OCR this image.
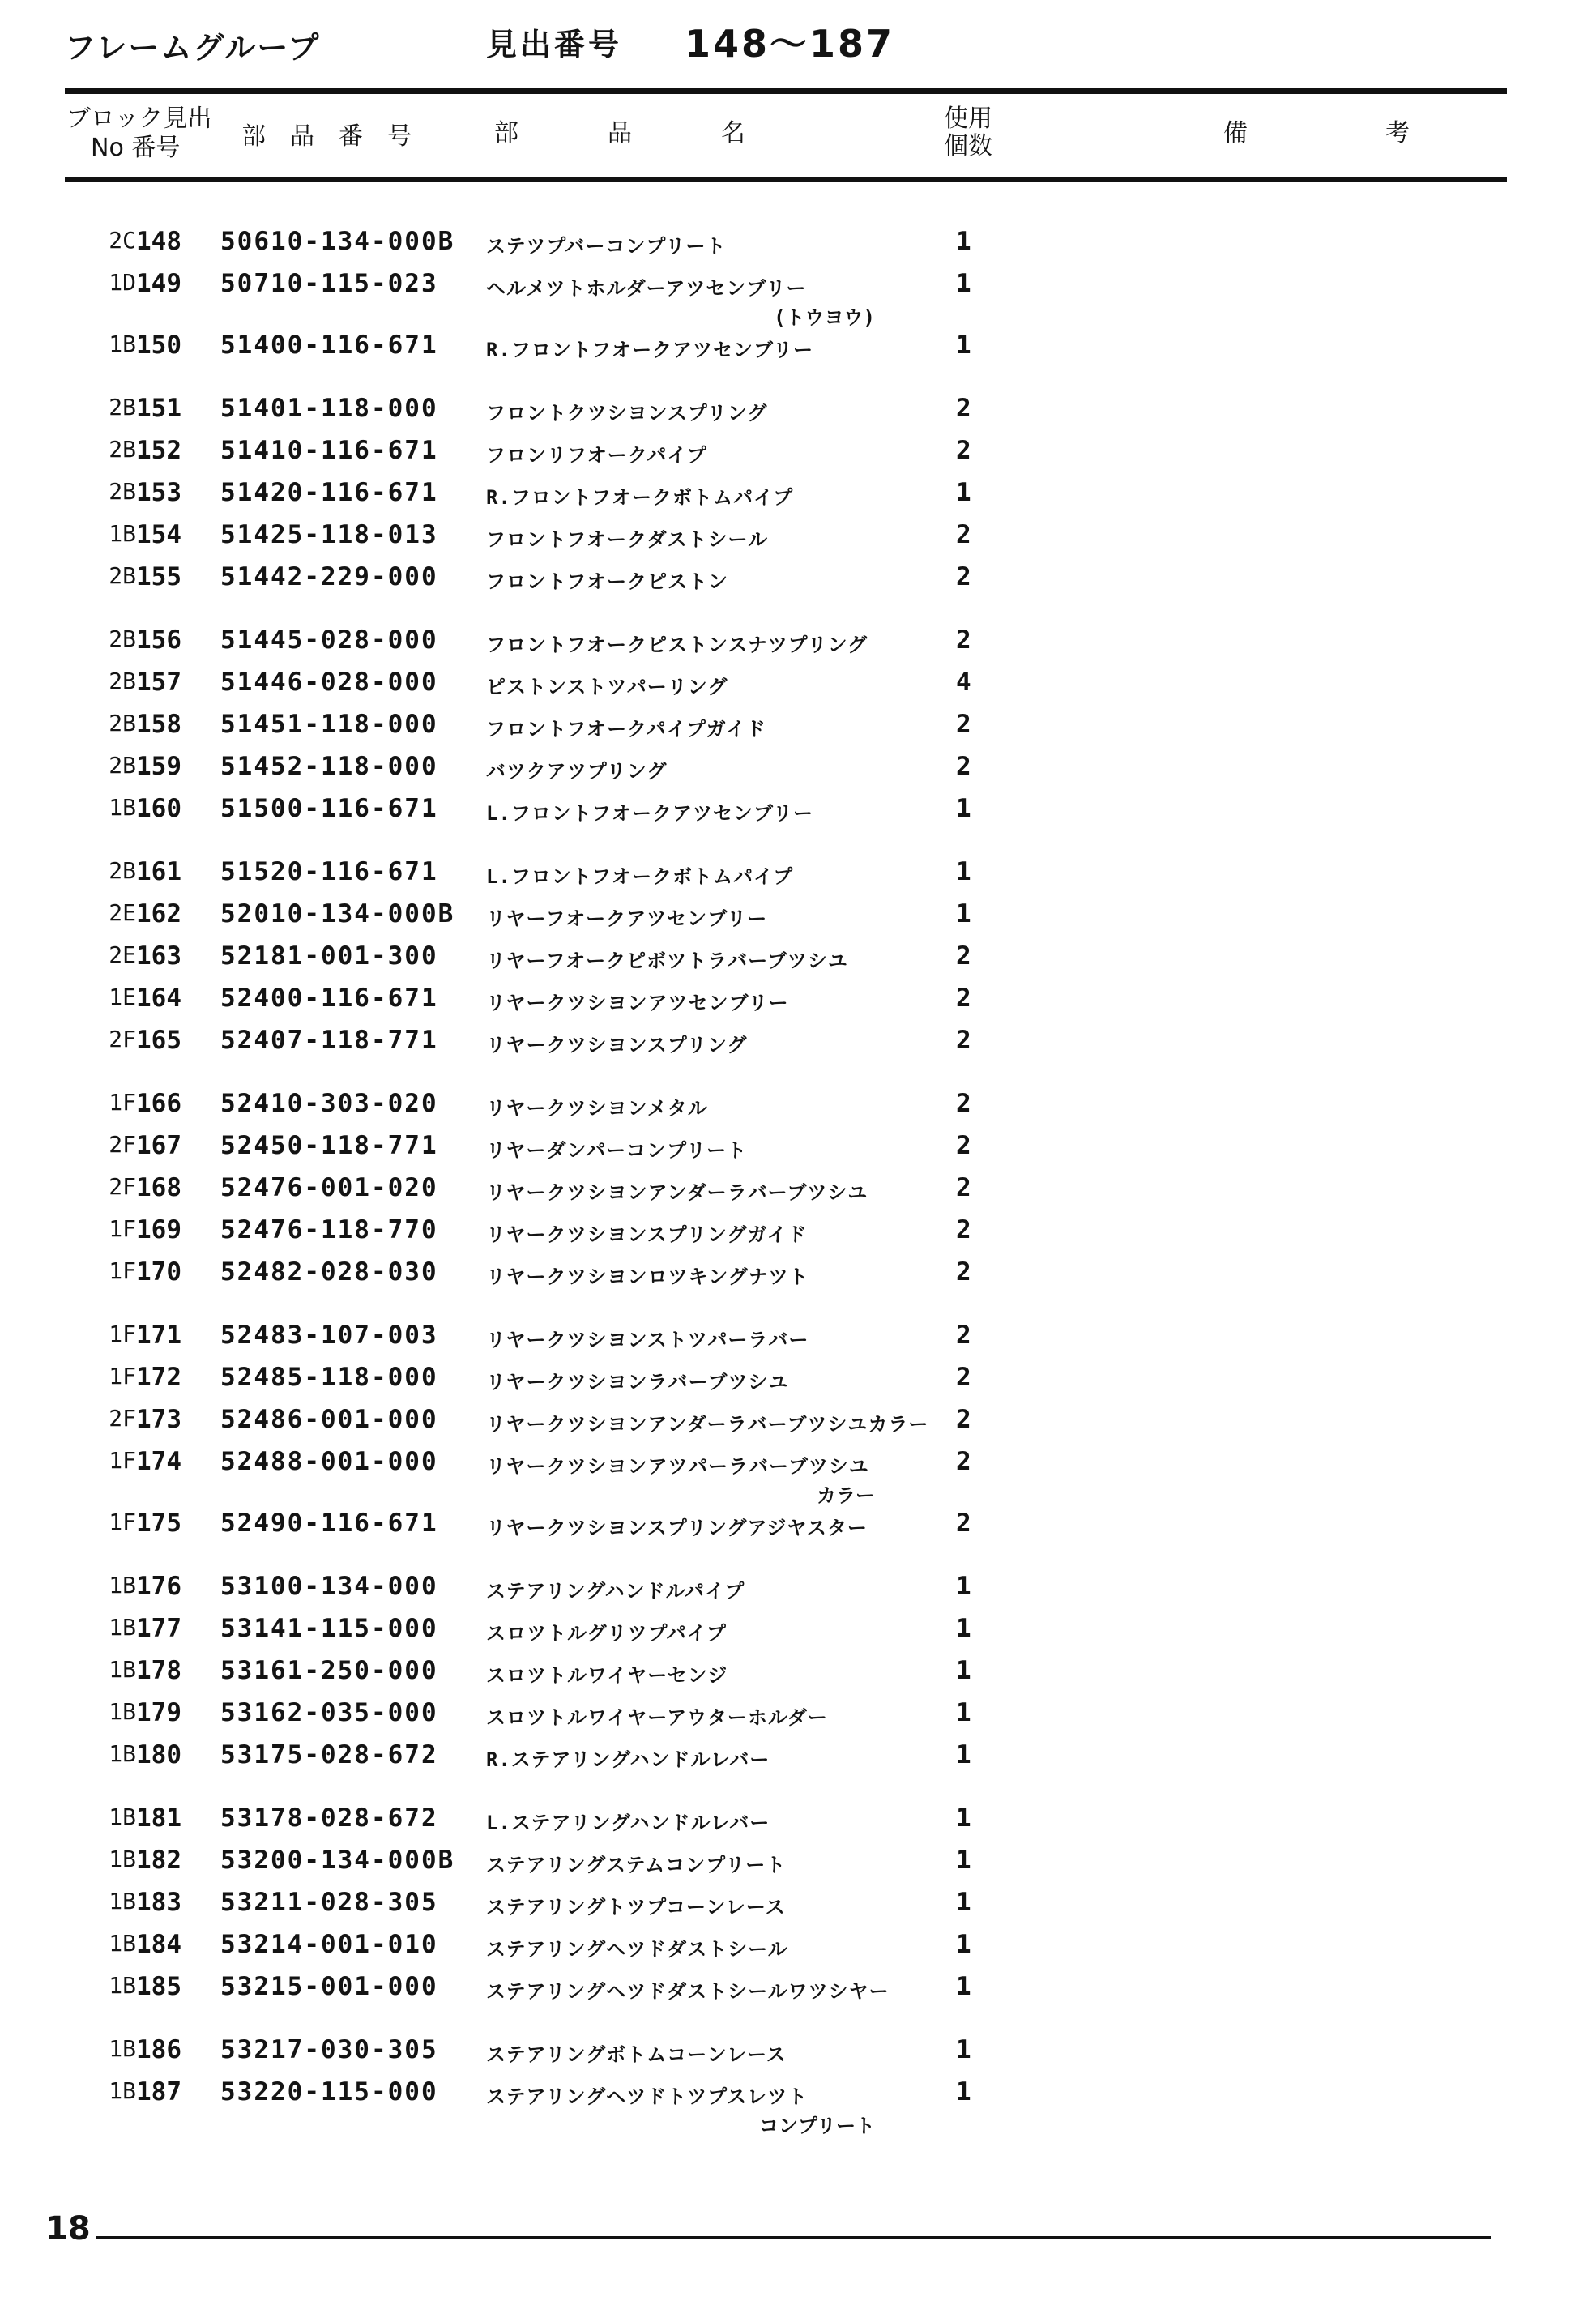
フレームグループ	見出番号 148〜187
ブロック見出
No 番号	部品番号 部品名
使用
個数	備考
2C 148 50610-134-000B ステツプバーコンプリート	1
1D 149 50710-115-023 ヘルメツトホルダーアツセンブリー	1
(トウヨウ)
1B 150 51400-116-671 R.フロントフオークアツセンブリー	1
2B 151 51401-118-000 フロントクツシヨンスプリング	2
2B 152 51410-116-671 フロンリフオークパイプ	2
2B 153 51420-116-671 R.フロントフオークボトムパイプ	1
1B 154 51425-118-013 フロントフオークダストシール	2
2B 155 51442-229-000 フロントフオークピストン	2
2B 156 51445-028-000 フロントフオークピストンスナツプリング	2
2B 157 51446-028-000 ピストンストツパーリング	4
2B 158 51451-118-000 フロントフオークパイプガイド	2
2B 159 51452-118-000 バツクアツプリング	2
1B 160 51500-116-671 L.フロントフオークアツセンブリー	1
2B 161 51520-116-671 L.フロントフオークボトムパイプ	1
2E 162 52010-134-000B リヤーフオークアツセンブリー	1
2E 163 52181-001-300 リヤーフオークピボツトラバーブツシユ	2
1E 164 52400-116-671 リヤークツシヨンアツセンブリー	2
2F 165 52407-118-771 リヤークツシヨンスプリング	2
1F 166 52410-303-020 リヤークツシヨンメタル	2
2F 167 52450-118-771 リヤーダンパーコンプリート	2
2F 168 52476-001-020 リヤークツシヨンアンダーラバーブツシユ	2
1F 169 52476-118-770 リヤークツシヨンスプリングガイド	2
1F 170 52482-028-030 リヤークツシヨンロツキングナツト	2
1F 171 52483-107-003 リヤークツシヨンストツパーラバー	2
1F 172 52485-118-000 リヤークツシヨンラバーブツシユ	2
2F 173 52486-001-000 リヤークツシヨンアンダーラバーブツシユカラー 2
1F 174 52488-001-000 リヤークツシヨンアツパーラバーブツシユ	2
カラー
1F 175 52490-116-671 リヤークツシヨンスプリングアジヤスター	2
1B 176 53100-134-000 ステアリングハンドルパイプ	1
1B 177 53141-115-000 スロツトルグリツプパイプ	1
1B 178 53161-250-000 スロツトルワイヤーセンジ	1
1B 179 53162-035-000 スロツトルワイヤーアウターホルダー	1
1B 180 53175-028-672 R.ステアリングハンドルレバー	1
1B 181 53178-028-672 L.ステアリングハンドルレバー	1
1B 182 53200-134-000B ステアリングステムコンプリート	1
1B 183 53211-028-305 ステアリングトツプコーンレース	1
1B 184 53214-001-010 ステアリングヘツドダストシール	1
1B 185 53215-001-000 ステアリングヘツドダストシールワツシヤー	1
1B 186 53217-030-305 ステアリングボトムコーンレース	1
1B 187 53220-115-000 ステアリングヘツドトツプスレツト	1
コンプリート
18
